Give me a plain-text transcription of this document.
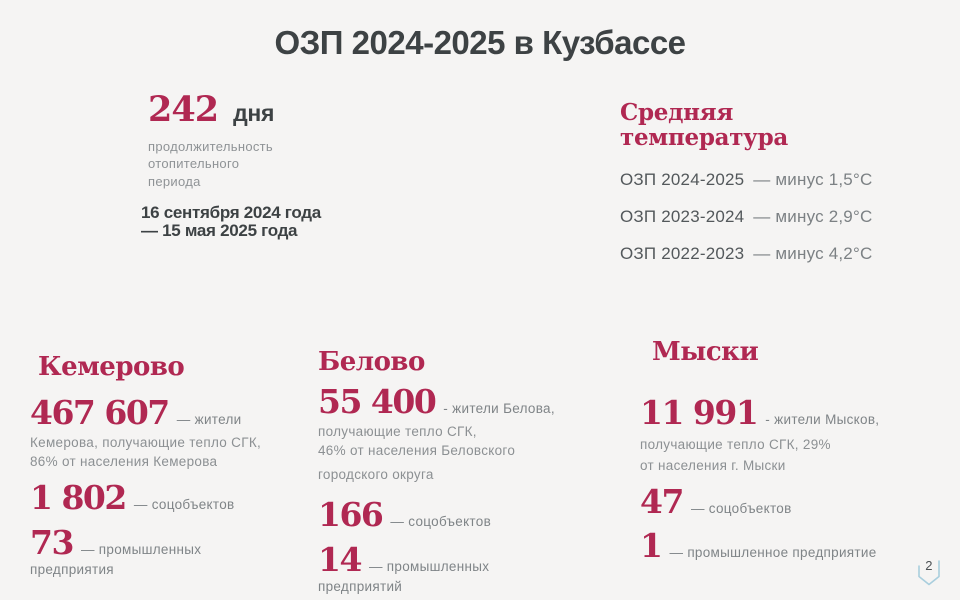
ОЗП 2024-2025 в Кузбассе
242 дня
продолжительность
отопительного
периода
16 сентября 2024 года
— 15 мая 2025 года
Средняя температура
ОЗП 2024-2025 — минус 1,5°С
ОЗП 2023-2024 — минус 2,9°С
ОЗП 2022-2023 — минус 4,2°С
Кемерово
467 607 — жители
Кемерова, получающие тепло СГК,
86% от населения Кемерова
1 802 — соцобъектов
73 — промышленных предприятия
Белово
55 400 - жители Белова,
получающие тепло СГК,
46% от населения Беловского
городского округа
166 — соцобъектов
14 — промышленных предприятий
Мыски
11 991 - жители Мысков,
получающие тепло СГК, 29%
от населения г. Мыски
47 — соцобъектов
1 — промышленное предприятие
2
